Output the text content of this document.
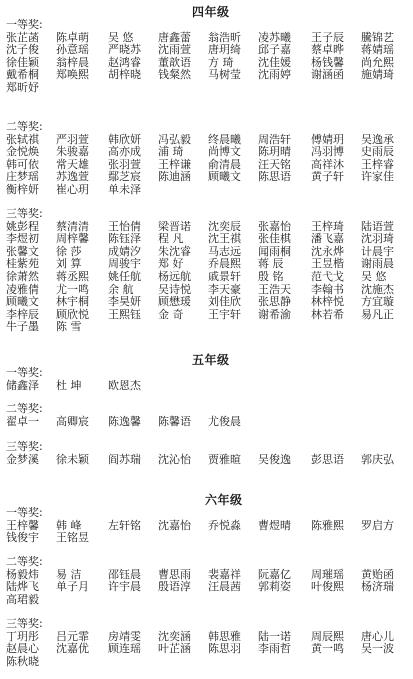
四年级
一等奖:
张芷菡 陈卓萌 吴 悠 唐鑫蕾 翁浩昕 凌苏曦 王子辰 騰锦艺
沈子俊 孙意瑶 严晓苏 沈雨萱 唐玥绮 邱子嘉 蔡卓晔 蒋婧瑶
徐佳颖 翁梓晨 赵鸿睿 董歆语 方 琦 沈佳媛 杨钱馨 尚允熙
戴希桐 郑唤熙 胡梓晓 钱粲然 马树莹 沈雨婷 谢涵函 施婧琦
郑昕妤
二等奖:
张轼祺 严羽萱 韩欣妍 冯弘毅 终晨曦 周浩轩 傅婧玥 吴逸承
金悦焕 朱骏嘉 高亦成 浦 琦 尚博文 陈玥晴 冯羽博 史雨辰
韩可依 常天雄 张羽萱 王梓谦 俞清晨 汪天铭 高祥沐 王梓睿
庄梦瑶 苏逸萱 鄢芝宸 陈迪涵 顾曦文 陈思语 黄子轩 许家佳
衡梓妍 崔心玥 单未泽
三等奖:
姚彭程 蔡清清 王怡倩 梁晋诺 沈奕辰 张嘉怡 王梓琦 陆语萱
李煜初 周梓馨 陈钰泽 程 凡 沈王祺 张佳棋 潘飞嘉 沈羽琦
张馨文 徐 莎 成婧汐 朱沈睿 马志远 闻雨桐 沈永烨 计晨宇
桂紫苑 刘 算 周骏宇 郑 好 乔晨熙 蒋 辰	王昱楷 谢雨晨
徐萧然 蒋丞熙 姚任航 杨远航 戚景轩 殷 铭	范弋戈 吴 悠
凌雅倩 尤一鸣 余 航 吴诗悦 李天豪 王浩天 李翰书 沈施杰
顾曦文 林宇桐 李昊妍 顾懋瑗 刘佳欣 张思静 林梓悦 方宜璇
李梓辰 顾欣悦 王熙钰 金 奇 王宇轩 谢希渝 林若希 易凡正
牛子墨 陈 雪
五年级
一等奖:
储鑫泽 杜 坤 欧恩杰
二等奖:
翟卓一 高卿宸 陈逸馨 陈馨语 尤俊晨
三等奖:
金梦溪 徐未颖 阎苏瑞 沈沁怡 贾雅暄 吴俊逸 彭思语 郭庆弘
六年级
一等奖:
王梓馨 韩 峰 左轩铭 沈嘉怡 乔悦淼 曹煜晴 陈雅熙 罗启方
钱俊宇 王铭昱
二等奖:
杨毅炜 易 洁 邵钰晨 曹思雨 裴嘉祥 阮嘉亿 周璀瑶 黄贻函
陆烨飞 单子月 许宇晨 殷语淳 汪晨茜 郭莉姿 叶俊熙 杨济瑞
高珺毅
三等奖:
丁玥彤 吕元霏 房靖雯 沈奕涵 韩思雅 陆一诺 周辰熙 唐心儿
赵晨心 沈嘉优 顾连瑶 叶芷涵 陈思羽 李雨哲 黄一鸣 吴一波
陈秋晓
